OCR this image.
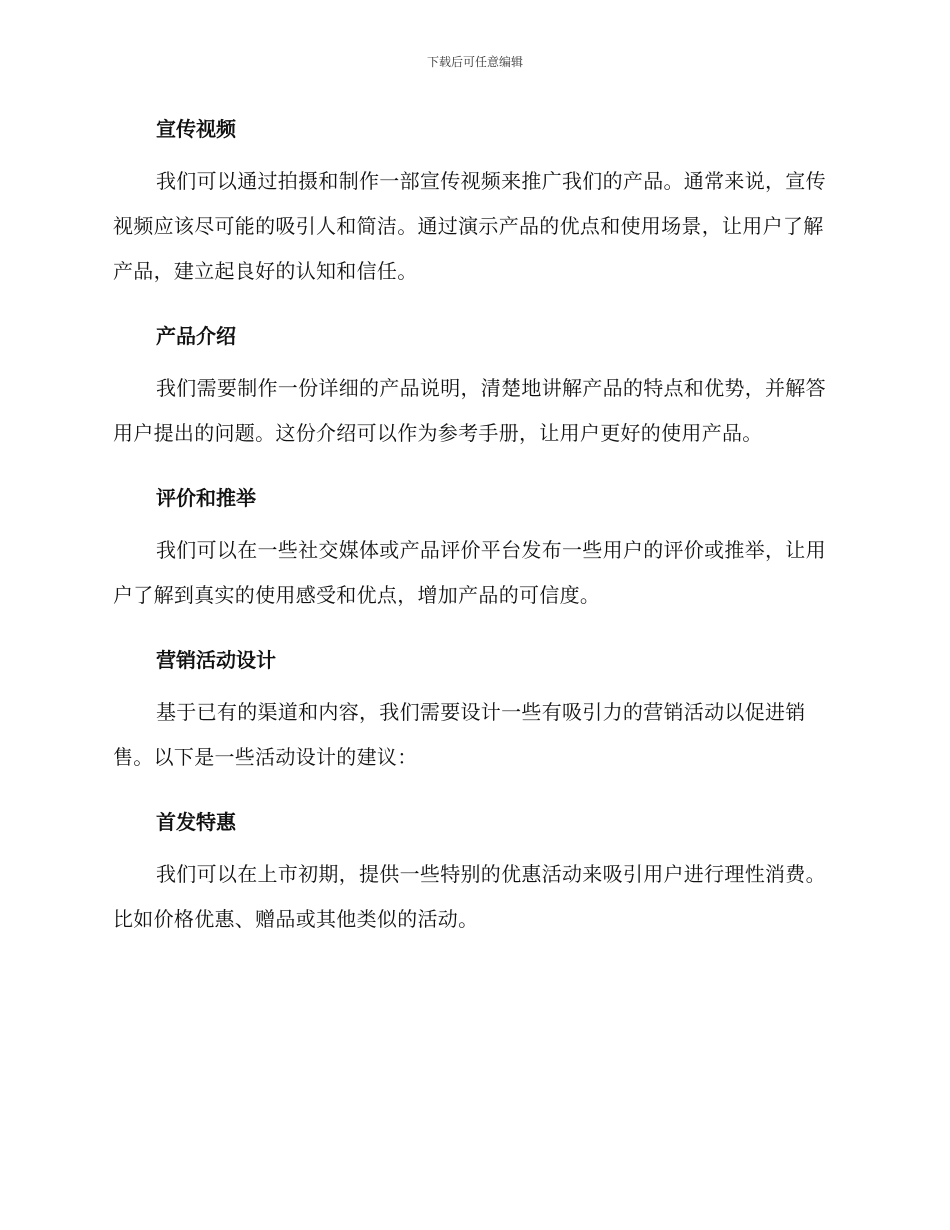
下载后可任意编辑
宣传视频

我们可以通过拍摄和制作一部宣传视频来推广我们的产品。通常来说，宣传视频应该尽可能的吸引人和简洁。通过演示产品的优点和使用场景，让用户了解产品，建立起良好的认知和信任。

产品介绍

我们需要制作一份详细的产品说明，清楚地讲解产品的特点和优势，并解答用户提出的问题。这份介绍可以作为参考手册，让用户更好的使用产品。

评价和推举

我们可以在一些社交媒体或产品评价平台发布一些用户的评价或推举，让用户了解到真实的使用感受和优点，增加产品的可信度。

营销活动设计

基于已有的渠道和内容，我们需要设计一些有吸引力的营销活动以促进销售。以下是一些活动设计的建议：

首发特惠

我们可以在上市初期，提供一些特别的优惠活动来吸引用户进行理性消费。比如价格优惠、赠品或其他类似的活动。
